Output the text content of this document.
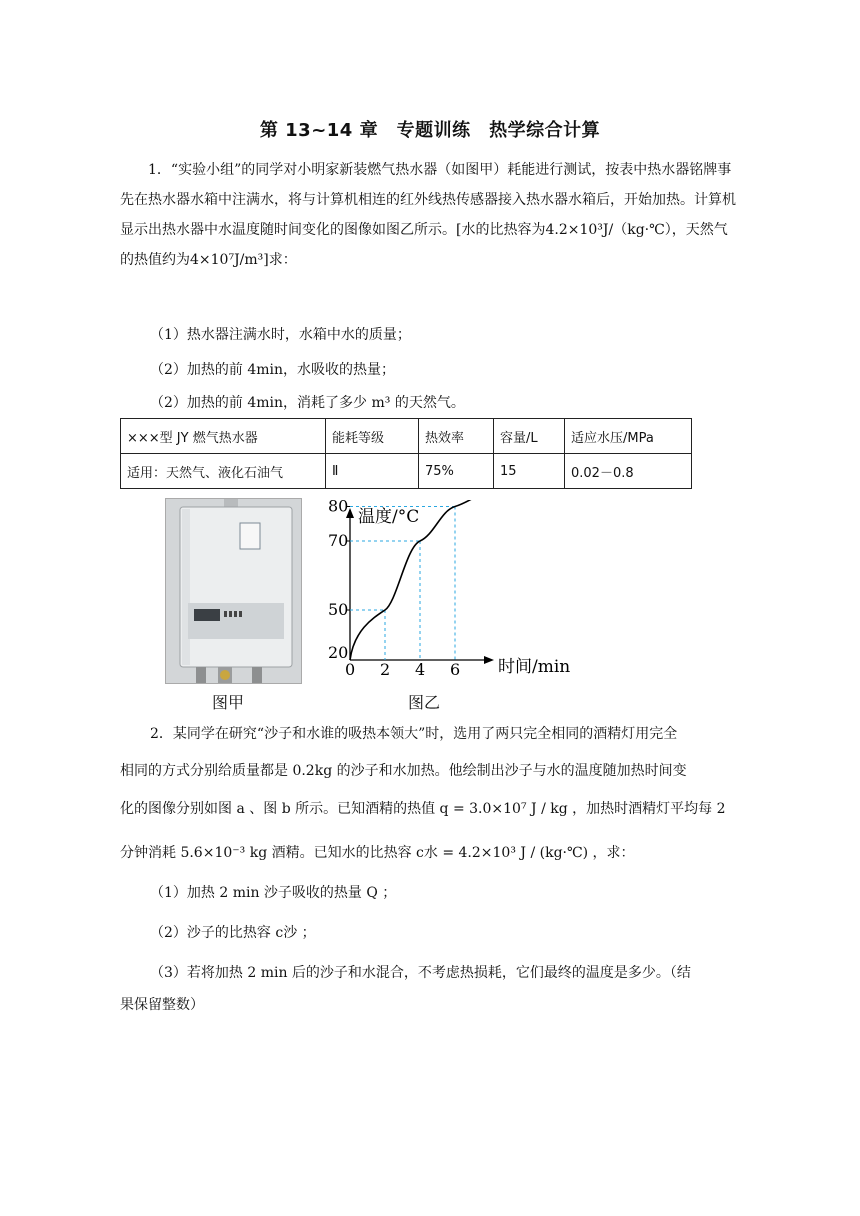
第 13~14 章　专题训练　热学综合计算
1．“实验小组”的同学对小明家新装燃气热水器（如图甲）耗能进行测试，按表中热水器铭牌事先在热水器水箱中注满水，将与计算机相连的红外线热传感器接入热水器水箱后，开始加热。计算机显示出热水器中水温度随时间变化的图像如图乙所示。[水的比热容为4.2×10³J/（kg·℃），天然气的热值约为4×10⁷J/m³]求：
（1）热水器注满水时，水箱中水的质量；
（2）加热的前 4min，水吸收的热量；
（2）加热的前 4min，消耗了多少 m³ 的天然气。
×××型 JY 燃气热水器	能耗等级	热效率	容量/L	适应水压/MPa
适用：天然气、液化石油气	Ⅱ	75%	15	0.02－0.8
图甲
温度/°C
时间/min
0 2 4 6
20
50
70
80
图乙
2．某同学在研究“沙子和水谁的吸热本领大”时，选用了两只完全相同的酒精灯用完全
相同的方式分别给质量都是 0.2kg 的沙子和水加热。他绘制出沙子与水的温度随加热时间变
化的图像分别如图 a 、图 b 所示。已知酒精的热值 q = 3.0×10⁷ J / kg ，加热时酒精灯平均每 2
分钟消耗 5.6×10⁻³ kg 酒精。已知水的比热容 c水 = 4.2×10³ J / (kg·℃) ，求：
（1）加热 2 min 沙子吸收的热量 Q ；
（2）沙子的比热容 c沙 ；
（3）若将加热 2 min 后的沙子和水混合，不考虑热损耗，它们最终的温度是多少。（结
果保留整数）
